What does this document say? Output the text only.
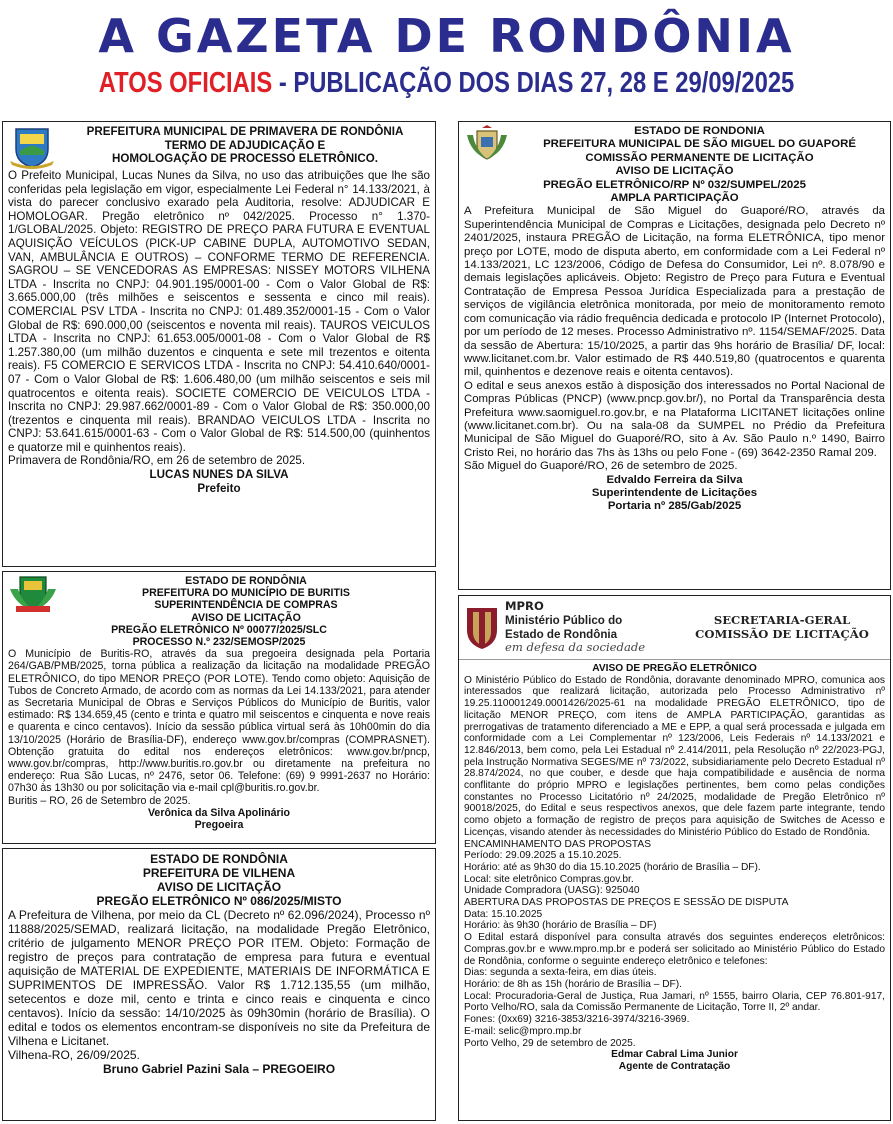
A GAZETA DE RONDÔNIA
ATOS OFICIAIS - PUBLICAÇÃO DOS DIAS 27, 28 E 29/09/2025

PREFEITURA MUNICIPAL DE PRIMAVERA DE RONDÔNIA

TERMO DE ADJUDICAÇÃO E

HOMOLOGAÇÃO DE PROCESSO ELETRÔNICO.

O Prefeito Municipal, Lucas Nunes da Silva, no uso das atribuições que lhe são conferidas pela legislação em vigor, especialmente Lei Federal n° 14.133/2021, à vista do parecer conclusivo exarado pela Auditoria, resolve: ADJUDICAR E HOMOLOGAR. Pregão eletrônico nº 042/2025. Processo n° 1.370-1/GLOBAL/2025. Objeto: REGISTRO DE PREÇO PARA FUTURA E EVENTUAL AQUISIÇÃO VEÍCULOS (PICK-UP CABINE DUPLA, AUTOMOTIVO SEDAN, VAN, AMBULÂNCIA E OUTROS) – CONFORME TERMO DE REFERENCIA. SAGROU – SE VENCEDORAS AS EMPRESAS: NISSEY MOTORS VILHENA LTDA - Inscrita no CNPJ: 04.901.195/0001-00 - Com o Valor Global de R$: 3.665.000,00 (três milhões e seiscentos e sessenta e cinco mil reais). COMERCIAL PSV LTDA - Inscrita no CNPJ: 01.489.352/0001-15 - Com o Valor Global de R$: 690.000,00 (seiscentos e noventa mil reais). TAUROS VEICULOS LTDA - Inscrita no CNPJ: 61.653.005/0001-08 - Com o Valor Global de R$ 1.257.380,00 (um milhão duzentos e cinquenta e sete mil trezentos e oitenta reais). F5 COMERCIO E SERVICOS LTDA - Inscrita no CNPJ: 54.410.640/0001-07 - Com o Valor Global de R$: 1.606.480,00 (um milhão seiscentos e seis mil quatrocentos e oitenta reais). SOCIETE COMERCIO DE VEICULOS LTDA - Inscrita no CNPJ: 29.987.662/0001-89 - Com o Valor Global de R$: 350.000,00 (trezentos e cinquenta mil reais). BRANDAO VEICULOS LTDA - Inscrita no CNPJ: 53.641.615/0001-63 - Com o Valor Global de R$: 514.500,00 (quinhentos e quatorze mil e quinhentos reais).

Primavera de Rondônia/RO, em 26 de setembro de 2025.

LUCAS NUNES DA SILVA

Prefeito

ESTADO DE RONDÔNIA

PREFEITURA DO MUNICÍPIO DE BURITIS

SUPERINTENDÊNCIA DE COMPRAS

AVISO DE LICITAÇÃO

PREGÃO ELETRÔNICO Nº 00077/2025/SLC

PROCESSO N.º 232/SEMOSP/2025

O Município de Buritis-RO, através da sua pregoeira designada pela Portaria 264/GAB/PMB/2025, torna pública a realização da licitação na modalidade PREGÃO ELETRÔNICO, do tipo MENOR PREÇO (POR LOTE). Tendo como objeto: Aquisição de Tubos de Concreto Armado, de acordo com as normas da Lei 14.133/2021, para atender as Secretaria Municipal de Obras e Serviços Públicos do Município de Buritis, valor estimado: R$ 134.659,45 (cento e trinta e quatro mil seiscentos e cinquenta e nove reais e quarenta e cinco centavos). Início da sessão pública virtual será às 10h00min do dia 13/10/2025 (Horário de Brasília-DF), endereço www.gov.br/compras (COMPRASNET). Obtenção gratuita do edital nos endereços eletrônicos: www.gov.br/pncp, www.gov.br/compras, http://www.buritis.ro.gov.br ou diretamente na prefeitura no endereço: Rua São Lucas, nº 2476, setor 06. Telefone: (69) 9 9991-2637 no Horário: 07h30 às 13h30 ou por solicitação via e-mail cpl@buritis.ro.gov.br.

Buritis – RO, 26 de Setembro de 2025.

Verônica da Silva Apolinário

Pregoeira

ESTADO DE RONDÔNIA

PREFEITURA DE VILHENA

AVISO DE LICITAÇÃO

PREGÃO ELETRÔNICO Nº 086/2025/MISTO

A Prefeitura de Vilhena, por meio da CL (Decreto nº 62.096/2024), Processo nº 11888/2025/SEMAD, realizará licitação, na modalidade Pregão Eletrônico, critério de julgamento MENOR PREÇO POR ITEM. Objeto: Formação de registro de preços para contratação de empresa para futura e eventual aquisição de MATERIAL DE EXPEDIENTE, MATERIAIS DE INFORMÁTICA E SUPRIMENTOS DE IMPRESSÃO. Valor R$ 1.712.135,55 (um milhão, setecentos e doze mil, cento e trinta e cinco reais e cinquenta e cinco centavos). Início da sessão: 14/10/2025 às 09h30min (horário de Brasília). O edital e todos os elementos encontram-se disponíveis no site da Prefeitura de Vilhena e Licitanet.

Vilhena-RO, 26/09/2025.

Bruno Gabriel Pazini Sala – PREGOEIRO

ESTADO DE RONDONIA

PREFEITURA MUNICIPAL DE SÃO MIGUEL DO GUAPORÉ

COMISSÃO PERMANENTE DE LICITAÇÃO

AVISO DE LICITAÇÃO

PREGÃO ELETRÔNICO/RP Nº 032/SUMPEL/2025

AMPLA PARTICIPAÇÃO

A Prefeitura Municipal de São Miguel do Guaporé/RO, através da Superintendência Municipal de Compras e Licitações, designada pelo Decreto nº 2401/2025, instaura PREGÃO de Licitação, na forma ELETRÔNICA, tipo menor preço por LOTE, modo de disputa aberto, em conformidade com a Lei Federal nº 14.133/2021, LC 123/2006, Código de Defesa do Consumidor, Lei nº. 8.078/90 e demais legislações aplicáveis. Objeto: Registro de Preço para Futura e Eventual Contratação de Empresa Pessoa Jurídica Especializada para a prestação de serviços de vigilância eletrônica monitorada, por meio de monitoramento remoto com comunicação via rádio frequência dedicada e protocolo IP (Internet Protocolo), por um período de 12 meses. Processo Administrativo nº. 1154/SEMAF/2025. Data da sessão de Abertura: 15/10/2025, a partir das 9hs horário de Brasília/ DF, local: www.licitanet.com.br. Valor estimado de R$ 440.519,80 (quatrocentos e quarenta mil, quinhentos e dezenove reais e oitenta centavos).

O edital e seus anexos estão à disposição dos interessados no Portal Nacional de Compras Públicas (PNCP) (www.pncp.gov.br/), no Portal da Transparência desta Prefeitura www.saomiguel.ro.gov.br, e na Plataforma LICITANET licitações online (www.licitanet.com.br). Ou na sala-08 da SUMPEL no Prédio da Prefeitura Municipal de São Miguel do Guaporé/RO, sito à Av. São Paulo n.º 1490, Bairro Cristo Rei, no horário das 7hs às 13hs ou pelo Fone - (69) 3642-2350 Ramal 209.

São Miguel do Guaporé/RO, 26 de setembro de 2025.

Edvaldo Ferreira da Silva

Superintendente de Licitações

Portaria nº 285/Gab/2025

MPRO
Ministério Público do
Estado de Rondônia
em defesa da sociedade
SECRETARIA-GERAL
COMISSÃO DE LICITAÇÃO

AVISO DE PREGÃO ELETRÔNICO

O Ministério Público do Estado de Rondônia, doravante denominado MPRO, comunica aos interessados que realizará licitação, autorizada pelo Processo Administrativo nº 19.25.110001249.0001426/2025-61 na modalidade PREGÃO ELETRÔNICO, tipo de licitação MENOR PREÇO, com itens de AMPLA PARTICIPAÇÃO, garantidas as prerrogativas de tratamento diferenciado a ME e EPP, a qual será processada e julgada em conformidade com a Lei Complementar nº 123/2006, Leis Federais nº 14.133/2021 e 12.846/2013, bem como, pela Lei Estadual nº 2.414/2011, pela Resolução nº 22/2023-PGJ, pela Instrução Normativa SEGES/ME nº 73/2022, subsidiariamente pelo Decreto Estadual nº 28.874/2024, no que couber, e desde que haja compatibilidade e ausência de norma conflitante do próprio MPRO e legislações pertinentes, bem como pelas condições constantes no Processo Licitatório nº 24/2025, modalidade de Pregão Eletrônico nº 90018/2025, do Edital e seus respectivos anexos, que dele fazem parte integrante, tendo como objeto a formação de registro de preços para aquisição de Switches de Acesso e Licenças, visando atender às necessidades do Ministério Público do Estado de Rondônia.

ENCAMINHAMENTO DAS PROPOSTAS

Período: 29.09.2025 a 15.10.2025.

Horário: até as 9h30 do dia 15.10.2025 (horário de Brasília – DF).

Local: site eletrônico Compras.gov.br.

Unidade Compradora (UASG): 925040

ABERTURA DAS PROPOSTAS DE PREÇOS E SESSÃO DE DISPUTA

Data: 15.10.2025

Horário: às 9h30 (horário de Brasília – DF)

O Edital estará disponível para consulta através dos seguintes endereços eletrônicos: Compras.gov.br e www.mpro.mp.br e poderá ser solicitado ao Ministério Público do Estado de Rondônia, conforme o seguinte endereço eletrônico e telefones:

Dias: segunda a sexta-feira, em dias úteis.

Horário: de 8h as 15h (horário de Brasília – DF).

Local: Procuradoria-Geral de Justiça, Rua Jamari, nº 1555, bairro Olaria, CEP 76.801-917, Porto Velho/RO, sala da Comissão Permanente de Licitação, Torre II, 2º andar.

Fones: (0xx69) 3216-3853/3216-3974/3216-3969.

E-mail: selic@mpro.mp.br

Porto Velho, 29 de setembro de 2025.

Edmar Cabral Lima Junior

Agente de Contratação
